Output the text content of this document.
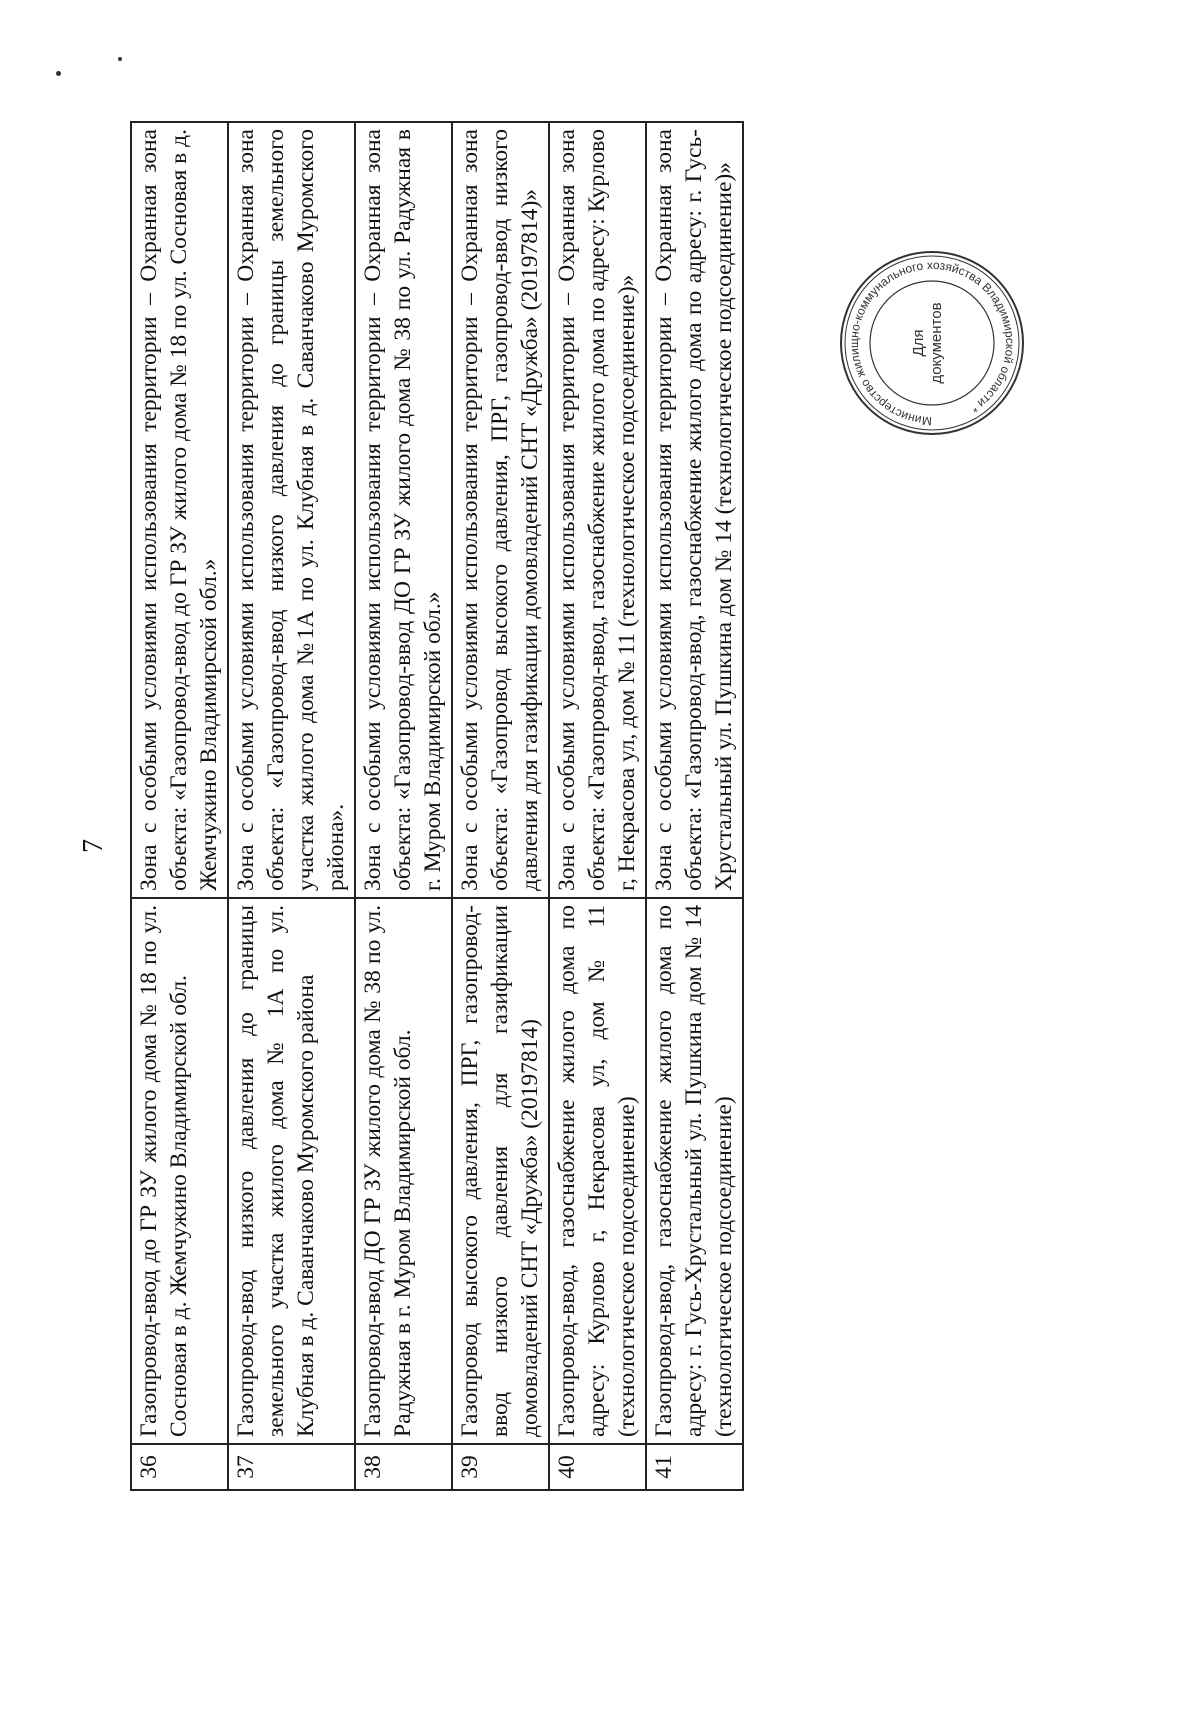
7
36	Газопровод-ввод до ГР ЗУ жилого дома № 18 по ул. Сосновая в д. Жемчужино Владимирской обл.	Зона с особыми условиями использования территории – Охранная зона объекта: «Газопровод-ввод до ГР ЗУ жилого дома № 18 по ул. Сосновая в д. Жемчужино Владимирской обл.»
37	Газопровод-ввод низкого давления до границы земельного участка жилого дома № 1А по ул. Клубная в д. Саванчаково Муромского района	Зона с особыми условиями использования территории – Охранная зона объекта: «Газопровод-ввод низкого давления до границы земельного участка жилого дома №1А по ул. Клубная в д. Саванчаково Муромского района».
38	Газопровод-ввод ДО ГР ЗУ жилого дома № 38 по ул. Радужная в г. Муром Владимирской обл.	Зона с особыми условиями использования территории – Охранная зона объекта: «Газопровод-ввод ДО ГР ЗУ жилого дома № 38 по ул. Радужная в г. Муром Владимирской обл.»
39	Газопровод высокого давления, ПРГ, газопровод-ввод низкого давления для газификации домовладений СНТ «Дружба» (20197814)	Зона с особыми условиями использования территории – Охранная зона объекта: «Газопровод высокого давления, ПРГ, газопровод-ввод низкого давления для газификации домовладений СНТ «Дружба» (20197814)»
40	Газопровод-ввод, газоснабжение жилого дома по адресу: Курлово г, Некрасова ул, дом № 11 (технологическое подсоединение)	Зона с особыми условиями использования территории – Охранная зона объекта: «Газопровод-ввод, газоснабжение жилого дома по адресу: Курлово г, Некрасова ул, дом № 11 (технологическое подсоединение)»
41	Газопровод-ввод, газоснабжение жилого дома по адресу: г. Гусь-Хрустальный ул. Пушкина дом № 14 (технологическое подсоединение)	Зона с особыми условиями использования территории – Охранная зона объекта: «Газопровод-ввод, газоснабжение жилого дома по адресу: г. Гусь-Хрустальный ул. Пушкина дом № 14 (технологическое подсоединение)»	Министерство жилищно-коммунального хозяйства Владимирской области *
Для документов
